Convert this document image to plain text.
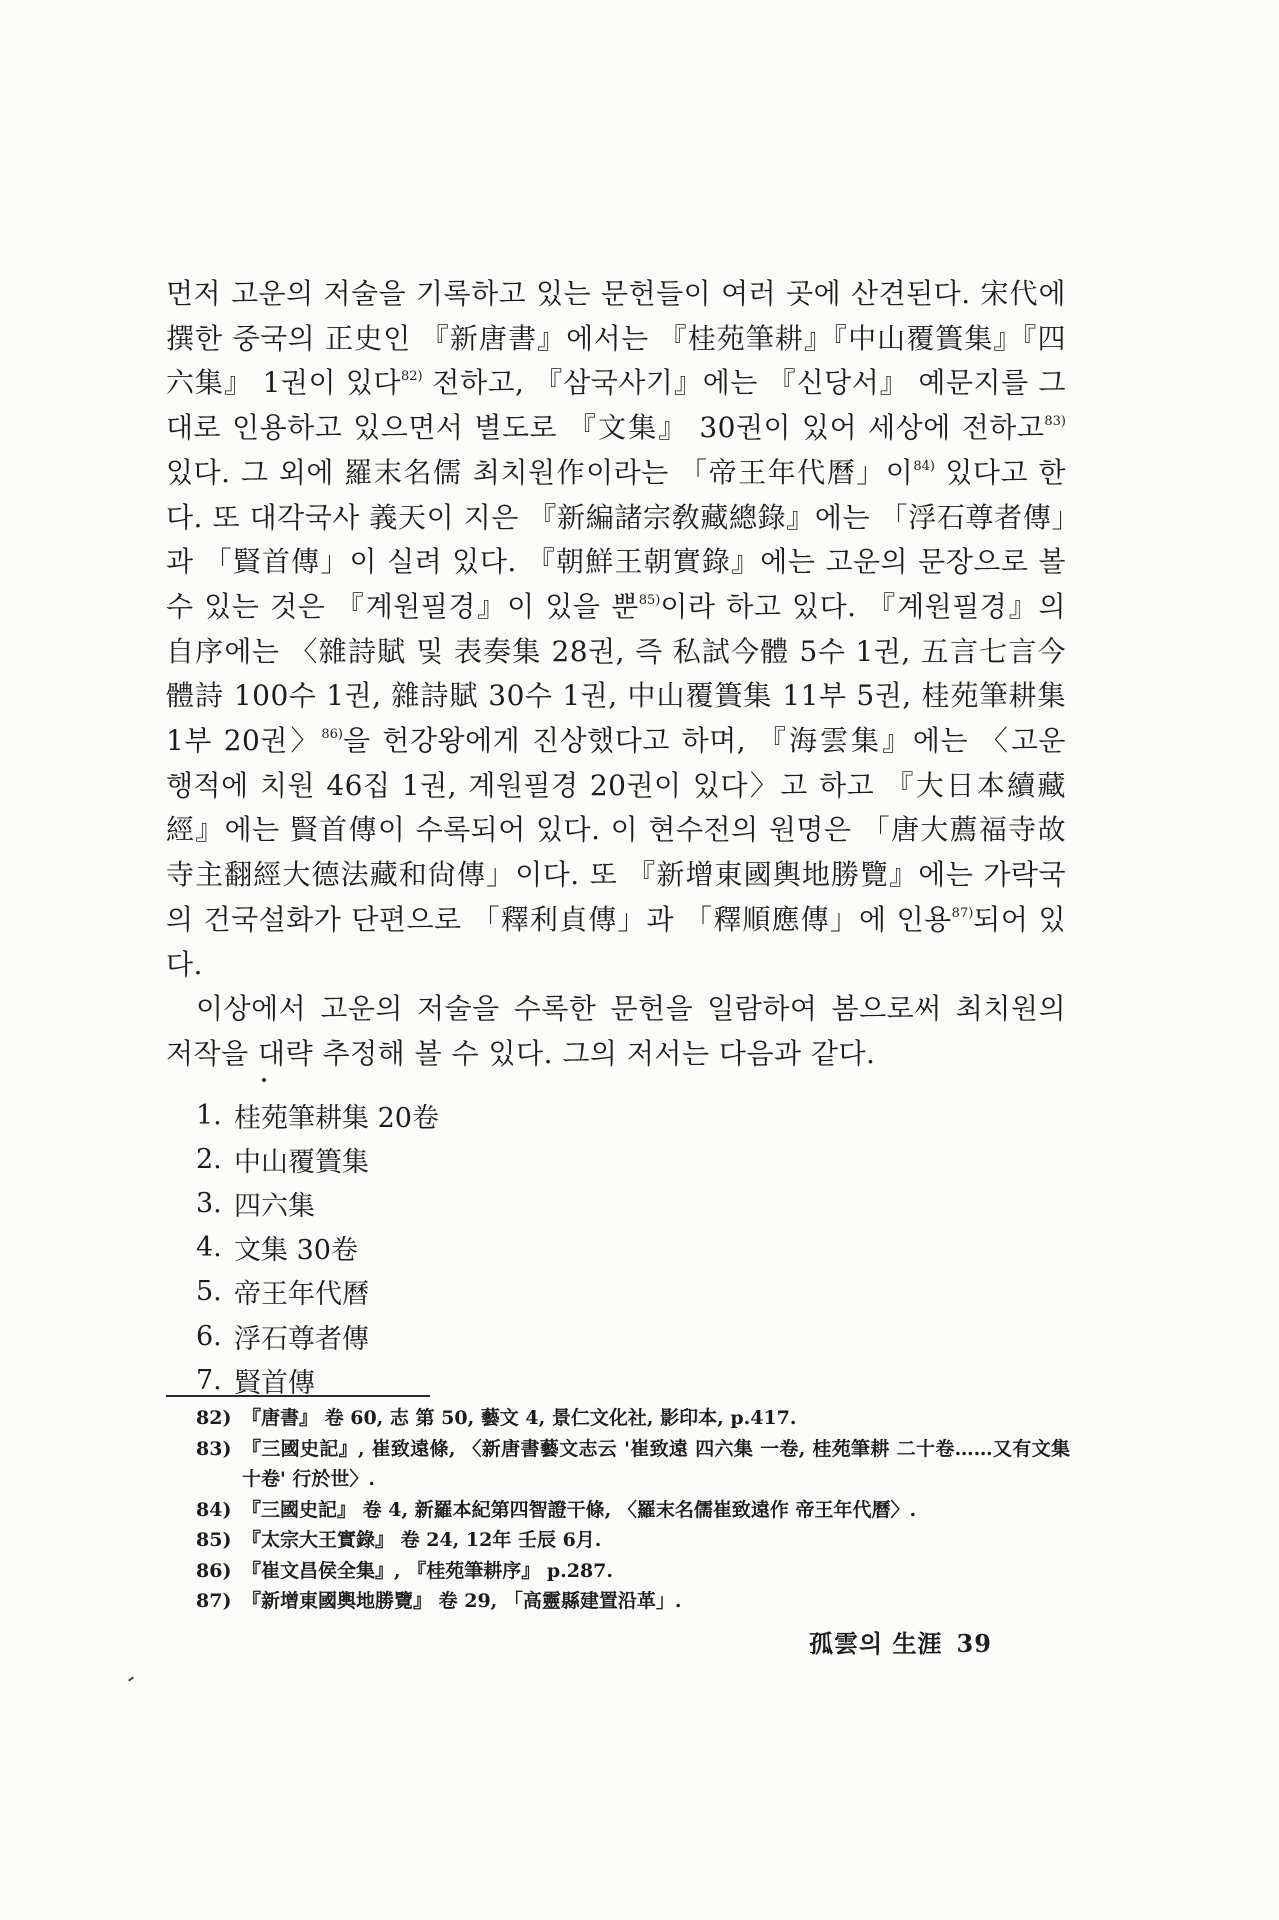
먼저 고운의 저술을 기록하고 있는 문헌들이 여러 곳에 산견된다. 宋代에 撰한 중국의 正史인 『新唐書』에서는 『桂苑筆耕』『中山覆簣集』『四六集』 1권이 있다$^{82)}$ 전하고, 『삼국사기』에는 『신당서』 예문지를 그대로 인용하고 있으면서 별도로 『文集』 30권이 있어 세상에 전하고$^{83)}$ 있다. 그 외에 羅末名儒 최치원作이라는 「帝王年代曆」이$^{84)}$ 있다고 한다. 또 대각국사 義天이 지은 『新編諸宗敎藏總錄』에는 「浮石尊者傳」과 「賢首傳」이 실려 있다. 『朝鮮王朝實錄』에는 고운의 문장으로 볼 수 있는 것은 『계원필경』이 있을 뿐$^{85)}$이라 하고 있다. 『계원필경』의 自序에는 〈雜詩賦 및 表奏集 28권, 즉 私試今體 5수 1권, 五言七言今體詩 100수 1권, 雜詩賦 30수 1권, 中山覆簣集 11부 5권, 桂苑筆耕集 1부 20권〉$^{86)}$을 헌강왕에게 진상했다고 하며, 『海雲集』에는 〈고운 행적에 치원 46집 1권, 계원필경 20권이 있다〉고 하고 『大日本續藏經』에는 賢首傳이 수록되어 있다. 이 현수전의 원명은 「唐大薦福寺故寺主翻經大德法藏和尙傳」이다. 또 『新增東國輿地勝覽』에는 가락국의 건국설화가 단편으로 「釋利貞傳」과 「釋順應傳」에 인용$^{87)}$되어 있다.

이상에서 고운의 저술을 수록한 문헌을 일람하여 봄으로써 최치원의 저작을 대략 추정해 볼 수 있다. 그의 저서는 다음과 같다.

1. 桂苑筆耕集 20卷
2. 中山覆簣集
3. 四六集
4. 文集 30卷
5. 帝王年代曆
6. 浮石尊者傳
7. 賢首傳
82) 『唐書』 卷 60, 志 第 50, 藝文 4, 景仁文化社, 影印本, p.417.
83) 『三國史記』, 崔致遠條, 〈新唐書藝文志云 '崔致遠 四六集 一卷, 桂苑筆耕 二十卷……又有文集十卷' 行於世〉.
84) 『三國史記』 卷 4, 新羅本紀第四智證干條, 〈羅末名儒崔致遠作 帝王年代曆〉.
85) 『太宗大王實錄』 卷 24, 12年 壬辰 6月.
86) 『崔文昌侯全集』, 『桂苑筆耕序』 p.287.
87) 『新增東國輿地勝覽』 卷 29, 「高靈縣建置沿革」.
孤雲의 生涯 39
